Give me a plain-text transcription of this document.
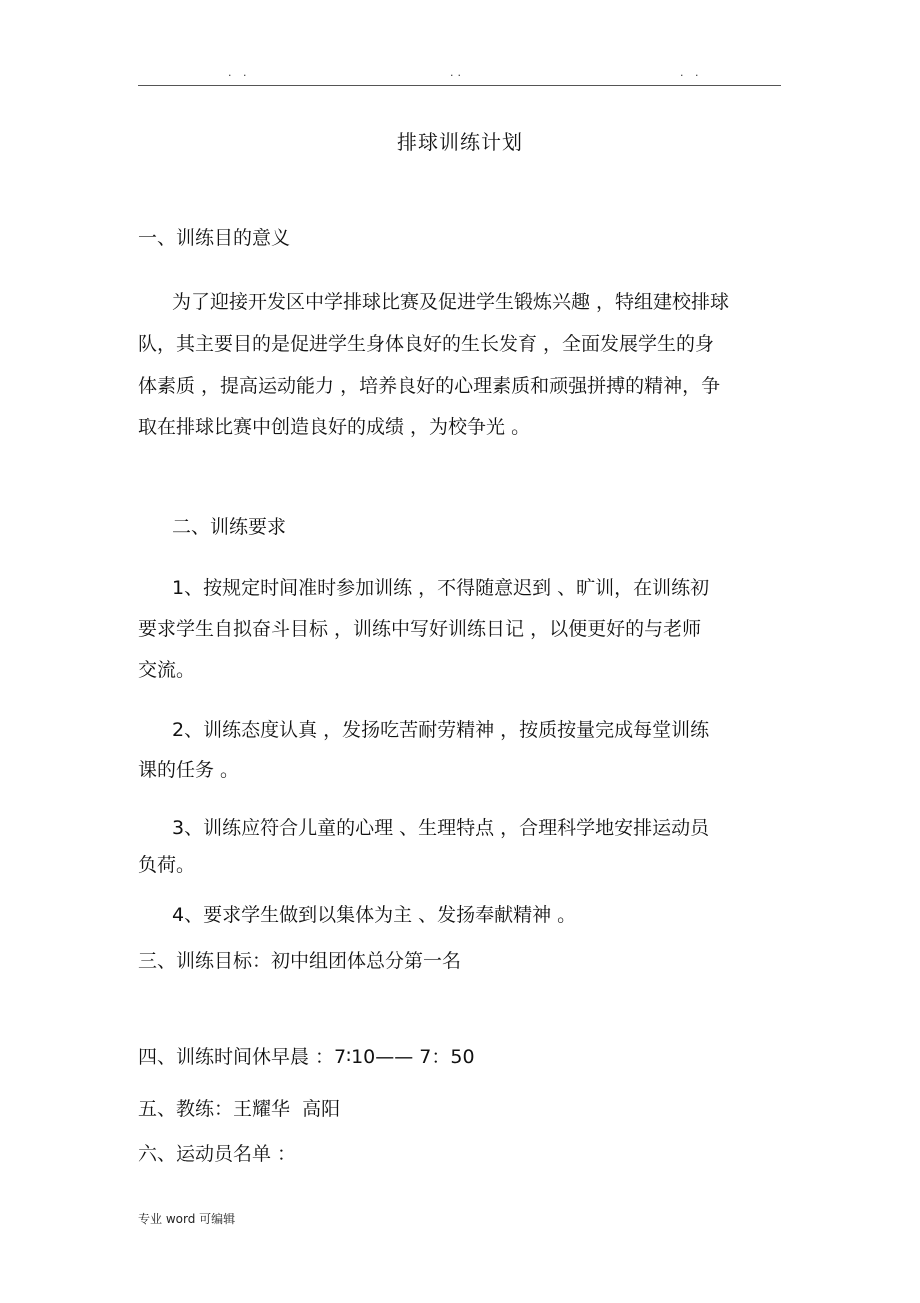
. .	..	. .
排球训练计划
一、训练目的意义
为了迎接开发区中学排球比赛及促进学生锻炼兴趣 ，特组建校排球
队，其主要目的是促进学生身体良好的生长发育 ，全面发展学生的身
体素质 ，提高运动能力 ，培养良好的心理素质和顽强拼搏的精神，争
取在排球比赛中创造良好的成绩 ，为校争光 。
二、训练要求
1、按规定时间准时参加训练 ，不得随意迟到 、旷训，在训练初
要求学生自拟奋斗目标 ，训练中写好训练日记 ，以便更好的与老师
交流。
2、训练态度认真 ，发扬吃苦耐劳精神 ，按质按量完成每堂训练
课的任务 。
3、训练应符合儿童的心理 、生理特点 ，合理科学地安排运动员
负荷。
4、要求学生做到以集体为主 、发扬奉献精神 。
三、训练目标：初中组团体总分第一名
四、训练时间休早晨 ：7∶10—— 7：50
五、教练：王耀华  高阳
六、运动员名单 ：
专业 word 可编辑
